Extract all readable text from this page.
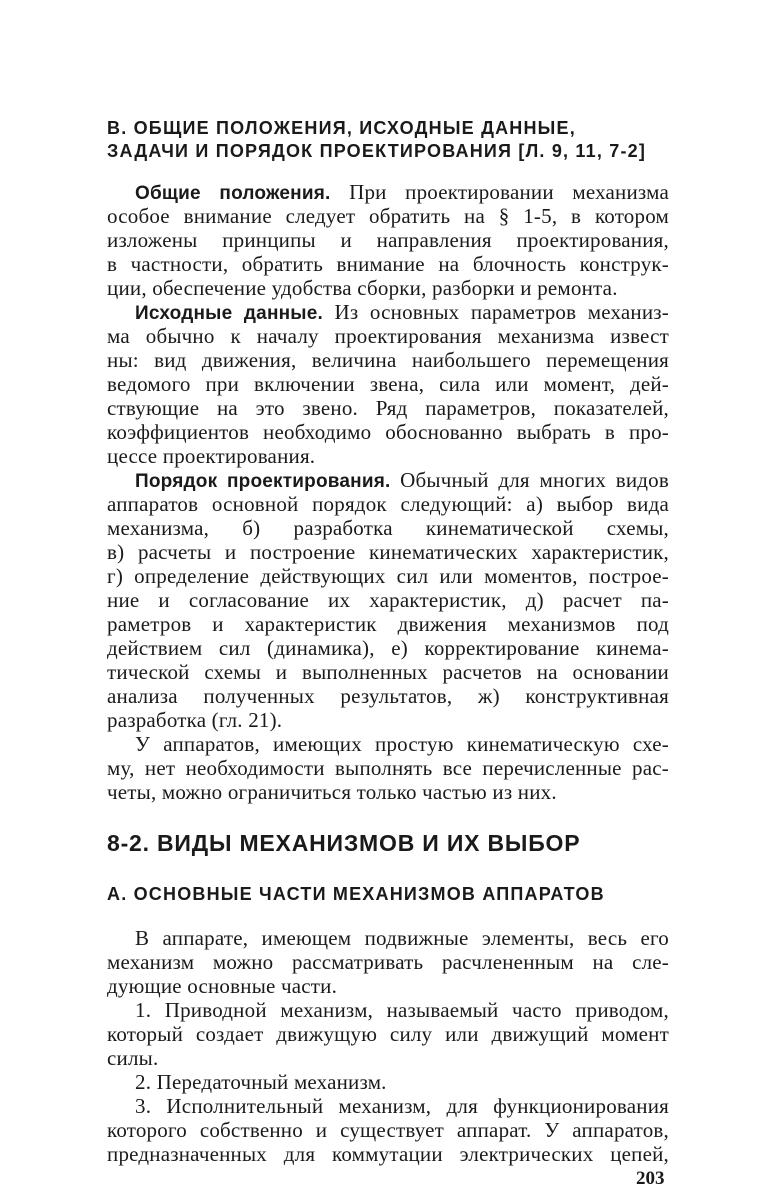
В. ОБЩИЕ ПОЛОЖЕНИЯ, ИСХОДНЫЕ ДАННЫЕ,
ЗАДАЧИ И ПОРЯДОК ПРОЕКТИРОВАНИЯ [Л. 9, 11, 7-2]
Общие положения. При проектировании механизма
особое внимание следует обратить на § 1-5, в котором
изложены принципы и направления проектирования,
в частности, обратить внимание на блочность конструк-
ции, обеспечение удобства сборки, разборки и ремонта.
Исходные данные. Из основных параметров механиз-
ма обычно к началу проектирования механизма извест
ны: вид движения, величина наибольшего перемещения
ведомого при включении звена, сила или момент, дей-
ствующие на это звено. Ряд параметров, показателей,
коэффициентов необходимо обоснованно выбрать в про-
цессе проектирования.
Порядок проектирования. Обычный для многих видов
аппаратов основной порядок следующий: а) выбор вида
механизма, б) разработка кинематической схемы,
в) расчеты и построение кинематических характеристик,
г) определение действующих сил или моментов, построе-
ние и согласование их характеристик, д) расчет па-
раметров и характеристик движения механизмов под
действием сил (динамика), е) корректирование кинема-
тической схемы и выполненных расчетов на основании
анализа полученных результатов, ж) конструктивная
разработка (гл. 21).
У аппаратов, имеющих простую кинематическую схе-
му, нет необходимости выполнять все перечисленные рас-
четы, можно ограничиться только частью из них.
8-2. ВИДЫ МЕХАНИЗМОВ И ИХ ВЫБОР
А. ОСНОВНЫЕ ЧАСТИ МЕХАНИЗМОВ АППАРАТОВ
В аппарате, имеющем подвижные элементы, весь его
механизм можно рассматривать расчлененным на сле-
дующие основные части.
1. Приводной механизм, называемый часто приводом,
который создает движущую силу или движущий момент
силы.
2. Передаточный механизм.
3. Исполнительный механизм, для функционирования
которого собственно и существует аппарат. У аппаратов,
предназначенных для коммутации электрических цепей,
203
